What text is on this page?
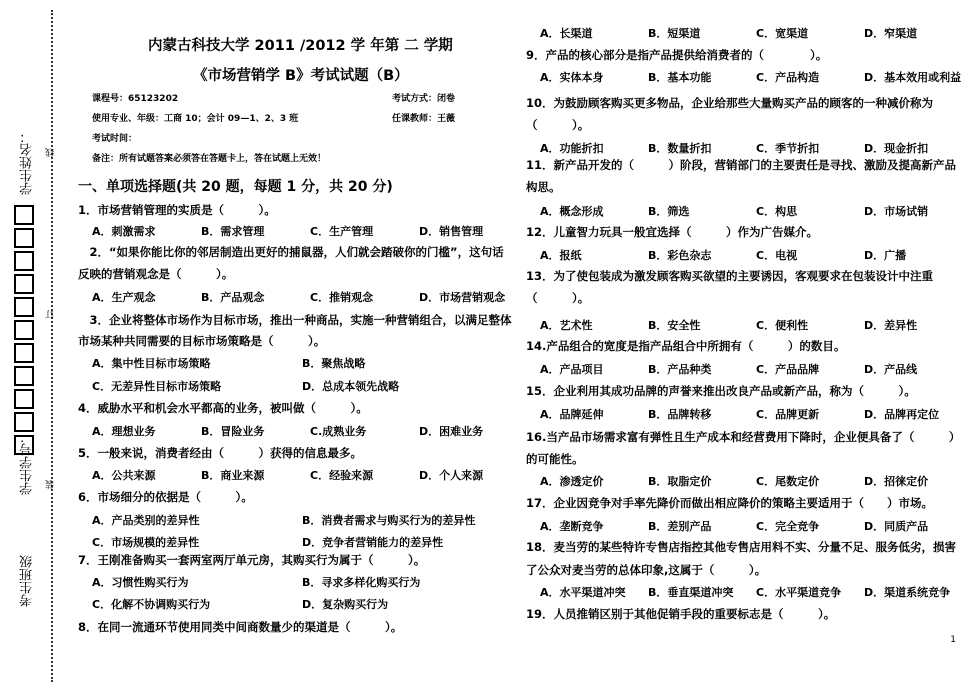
学生姓名：
学生学号：
考生班级
线
订
装
内蒙古科技大学 2011 /2012 学 年第 二 学期
《市场营销学 B》考试试题（B）
课程号：65123202	考试方式：闭卷
使用专业、年级：工商 10；会计 09—1、2、3 班	任课教师：王薇
考试时间：
备注：所有试题答案必须答在答题卡上，答在试题上无效！
一、单项选择题(共 20 题，每题 1 分，共 20 分)
1．市场营销管理的实质是（　　　）。
A．刺激需求	B．需求管理	C．生产管理	D．销售管理
　2．“如果你能比你的邻居制造出更好的捕鼠器，人们就会踏破你的门槛”，这句话
反映的营销观念是（　　　）。
A．生产观念	B．产品观念	C．推销观念	D．市场营销观念
　3．企业将整体市场作为目标市场，推出一种商品，实施一种营销组合，以满足整体
市场某种共同需要的目标市场策略是（　　　）。
A．集中性目标市场策略	B．聚焦战略
C．无差异性目标市场策略	D．总成本领先战略
4．威胁水平和机会水平都高的业务，被叫做（　　　）。
A．理想业务	B．冒险业务	C.成熟业务	D．困难业务
5．一般来说，消费者经由（　　　）获得的信息最多。
A．公共来源	B．商业来源	C．经验来源	D．个人来源
6．市场细分的依据是（　　　）。
A．产品类别的差异性	B．消费者需求与购买行为的差异性
C．市场规模的差异性	D．竞争者营销能力的差异性
7．王刚准备购买一套两室两厅单元房，其购买行为属于（　　　）。
A．习惯性购买行为	B．寻求多样化购买行为
C．化解不协调购买行为	D．复杂购买行为
8．在同一流通环节使用同类中间商数量少的渠道是（　　　）。
A．长渠道	B．短渠道	C．宽渠道	D．窄渠道
9．产品的核心部分是指产品提供给消费者的（　　　　）。
A．实体本身	B．基本功能	C．产品构造	D．基本效用或利益
10．为鼓励顾客购买更多物品，企业给那些大量购买产品的顾客的一种减价称为
（　　　）。
A．功能折扣	B．数量折扣	C．季节折扣	D．现金折扣
11．新产品开发的（　　　）阶段，营销部门的主要责任是寻找、激励及提高新产品
构思。
A．概念形成	B．筛选	C．构思	D．市场试销
12．儿童智力玩具一般宜选择（　　　）作为广告媒介。
A．报纸	B．彩色杂志	C．电视	D．广播
13．为了使包装成为激发顾客购买欲望的主要诱因，客观要求在包装设计中注重
（　　　）。
A．艺术性	B．安全性	C．便利性	D．差异性
14.产品组合的宽度是指产品组合中所拥有（　　　）的数目。
A．产品项目	B．产品种类	C．产品品牌	D．产品线
15．企业利用其成功品牌的声誉来推出改良产品或新产品，称为（　　　）。
A．品牌延伸	B．品牌转移	C．品牌更新	D．品牌再定位
16.当产品市场需求富有弹性且生产成本和经营费用下降时，企业便具备了（　　　）
的可能性。
A．渗透定价	B．取脂定价	C．尾数定价	D．招徕定价
17．企业因竞争对手率先降价而做出相应降价的策略主要适用于（　　）市场。
A．垄断竞争	B．差别产品	C．完全竞争	D．同质产品
18．麦当劳的某些特许专售店指控其他专售店用料不实、分量不足、服务低劣，损害
了公众对麦当劳的总体印象,这属于（　　　）。
A．水平渠道冲突 B．垂直渠道冲突 C．水平渠道竞争 D．渠道系统竞争
19．人员推销区别于其他促销手段的重要标志是（　　　）。
1
